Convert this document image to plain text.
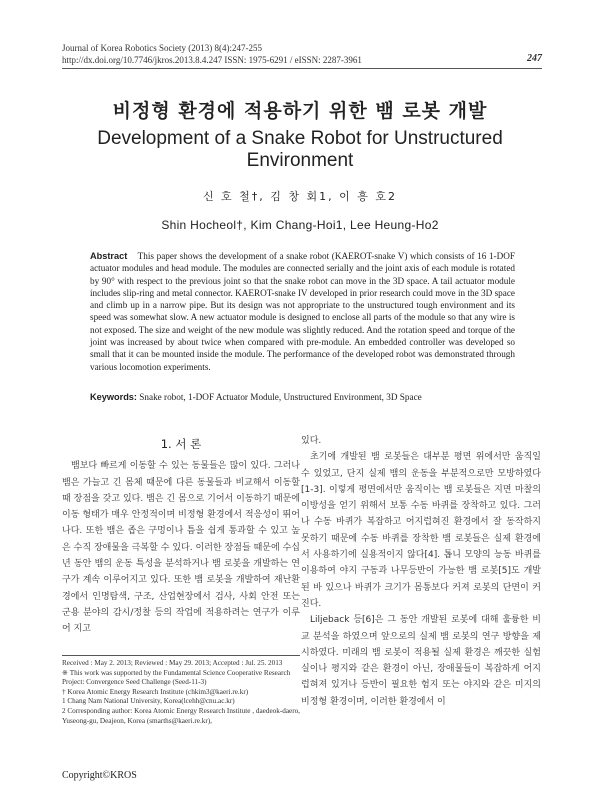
Journal of Korea Robotics Society (2013) 8(4):247-255
http://dx.doi.org/10.7746/jkros.2013.8.4.247 ISSN: 1975-6291 / eISSN: 2287-3961	247
비정형 환경에 적용하기 위한 뱀 로봇 개발
Development of a Snake Robot for Unstructured Environment
신 호 철†, 김 창 회1, 이 흥 호2
Shin Hocheol†, Kim Chang-Hoi1, Lee Heung-Ho2
Abstract This paper shows the development of a snake robot (KAEROT-snake V) which consists of 16 1-DOF actuator modules and head module. The modules are connected serially and the joint axis of each module is rotated by 90° with respect to the previous joint so that the snake robot can move in the 3D space. A tail actuator module includes slip-ring and metal connector. KAEROT-snake IV developed in prior research could move in the 3D space and climb up in a narrow pipe. But its design was not appropriate to the unstructured tough environment and its speed was somewhat slow. A new actuator module is designed to enclose all parts of the module so that any wire is not exposed. The size and weight of the new module was slightly reduced. And the rotation speed and torque of the joint was increased by about twice when compared with pre-module. An embedded controller was developed so small that it can be mounted inside the module. The performance of the developed robot was demonstrated through various locomotion experiments.
Keywords: Snake robot, 1-DOF Actuator Module, Unstructured Environment, 3D Space
1. 서 론

뱀보다 빠르게 이동할 수 있는 동물들은 많이 있다. 그러나 뱀은 가늘고 긴 몸체 때문에 다른 동물들과 비교해서 이동할 때 장점을 갖고 있다. 뱀은 긴 몸으로 기어서 이동하기 때문에 이동 형태가 매우 안정적이며 비정형 환경에서 적응성이 뛰어나다. 또한 뱀은 좁은 구멍이나 틈을 쉽게 통과할 수 있고 높은 수직 장애물을 극복할 수 있다. 이러한 장점들 때문에 수십 년 동안 뱀의 운동 특성을 분석하거나 뱀 로봇을 개발하는 연구가 계속 이루어지고 있다. 또한 뱀 로봇을 개발하여 재난환경에서 인명탐색, 구조, 산업현장에서 검사, 사회 안전 또는 군용 분야의 감시/정찰 등의 작업에 적용하려는 연구가 이루어 지고

있다.

초기에 개발된 뱀 로봇들은 대부분 평면 위에서만 움직일 수 있었고, 단지 실제 뱀의 운동을 부분적으로만 모방하였다[1-3]. 이렇게 평면에서만 움직이는 뱀 로봇들은 지면 마찰의 이방성을 얻기 위해서 보통 수동 바퀴를 장착하고 있다. 그러나 수동 바퀴가 복잡하고 어지럽혀진 환경에서 잘 동작하지 못하기 때문에 수동 바퀴를 장착한 뱀 로봇들은 실제 환경에서 사용하기에 실용적이지 않다[4]. 톱니 모양의 능동 바퀴를 이용하여 야지 구동과 나무등반이 가능한 뱀 로봇[5]도 개발된 바 있으나 바퀴가 크기가 몸통보다 커져 로봇의 단면이 커진다.

Liljeback 등[6]은 그 동안 개발된 로봇에 대해 훌륭한 비교 분석을 하였으며 앞으로의 실제 뱀 로봇의 연구 방향을 제시하였다. 미래의 뱀 로봇이 적용될 실제 환경은 깨끗한 실험실이나 평지와 같은 환경이 아닌, 장애물들이 복잡하게 어지럽혀져 있거나 등반이 필요한 험지 또는 야지와 같은 미지의 비정형 환경이며, 이러한 환경에서 이

Received : May 2. 2013; Reviewed : May 29. 2013; Accepted : Jul. 25. 2013
※ This work was supported by the Fundamental Science Cooperative Research Project: Convergence Seed Challenge (Seed-11-3)
† Korea Atomic Energy Research Institute (chkim3@kaeri.re.kr)
1 Chang Nam National University, Korea(lcehh@cnu.ac.kr)
2 Corresponding author: Korea Atomic Energy Research Institute , daedeok-daero, Yuseong-gu, Deajeon, Korea (smarths@kaeri.re.kr),
Copyright©KROS
